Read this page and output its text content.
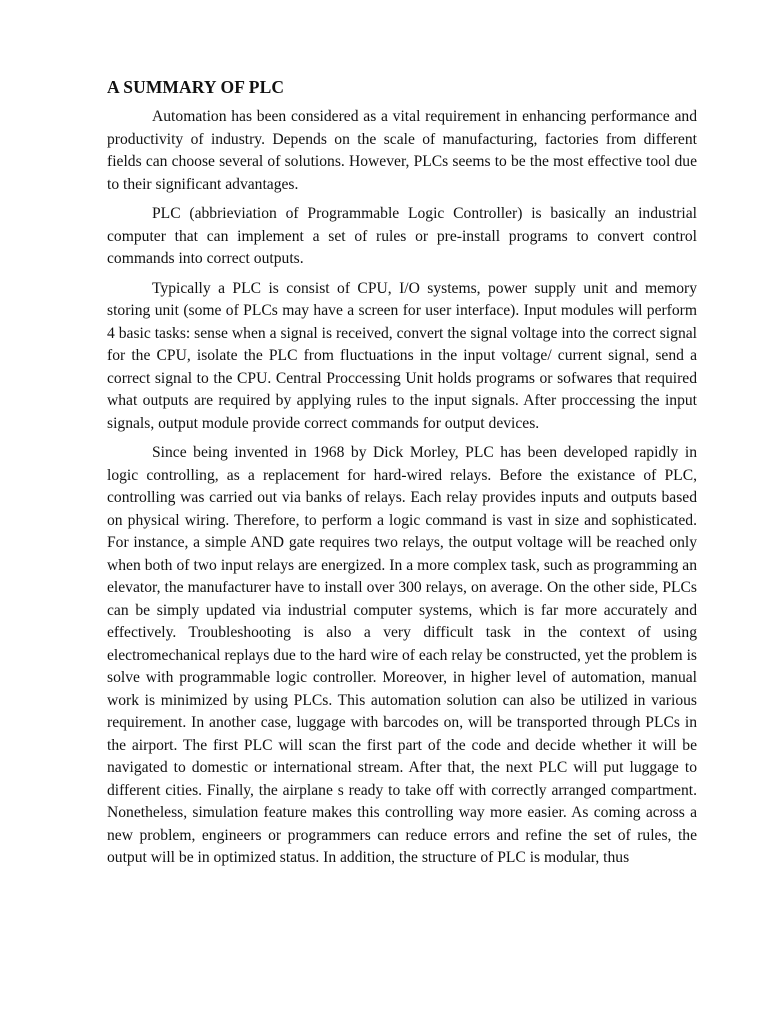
A SUMMARY OF PLC

Automation has been considered as a vital requirement in enhancing performance and productivity of industry. Depends on the scale of manufacturing, factories from different fields can choose several of solutions. However, PLCs seems to be the most effective tool due to their significant advantages.

PLC (abbrieviation of Programmable Logic Controller) is basically an industrial computer that can implement a set of rules or pre-install programs to convert control commands into correct outputs.

Typically a PLC is consist of CPU, I/O systems, power supply unit and memory storing unit (some of PLCs may have a screen for user interface). Input modules will perform 4 basic tasks: sense when a signal is received, convert the signal voltage into the correct signal for the CPU, isolate the PLC from fluctuations in the input voltage/ current signal, send a correct signal to the CPU. Central Proccessing Unit holds programs or sofwares that required what outputs are required by applying rules to the input signals. After proccessing the input signals, output module provide correct commands for output devices.

Since being invented in 1968 by Dick Morley, PLC has been developed rapidly in logic controlling, as a replacement for hard-wired relays. Before the existance of PLC, controlling was carried out via banks of relays. Each relay provides inputs and outputs based on physical wiring. Therefore, to perform a logic command is vast in size and sophisticated. For instance, a simple AND gate requires two relays, the output voltage will be reached only when both of two input relays are energized. In a more complex task, such as programming an elevator, the manufacturer have to install over 300 relays, on average. On the other side, PLCs can be simply updated via industrial computer systems, which is far more accurately and effectively. Troubleshooting is also a very difficult task in the context of using electromechanical replays due to the hard wire of each relay be constructed, yet the problem is solve with programmable logic controller. Moreover, in higher level of automation, manual work is minimized by using PLCs. This automation solution can also be utilized in various requirement. In another case, luggage with barcodes on, will be transported through PLCs in the airport. The first PLC will scan the first part of the code and decide whether it will be navigated to domestic or international stream. After that, the next PLC will put luggage to different cities. Finally, the airplane s ready to take off with correctly arranged compartment. Nonetheless, simulation feature makes this controlling way more easier. As coming across a new problem, engineers or programmers can reduce errors and refine the set of rules, the output will be in optimized status. In addition, the structure of PLC is modular, thus
